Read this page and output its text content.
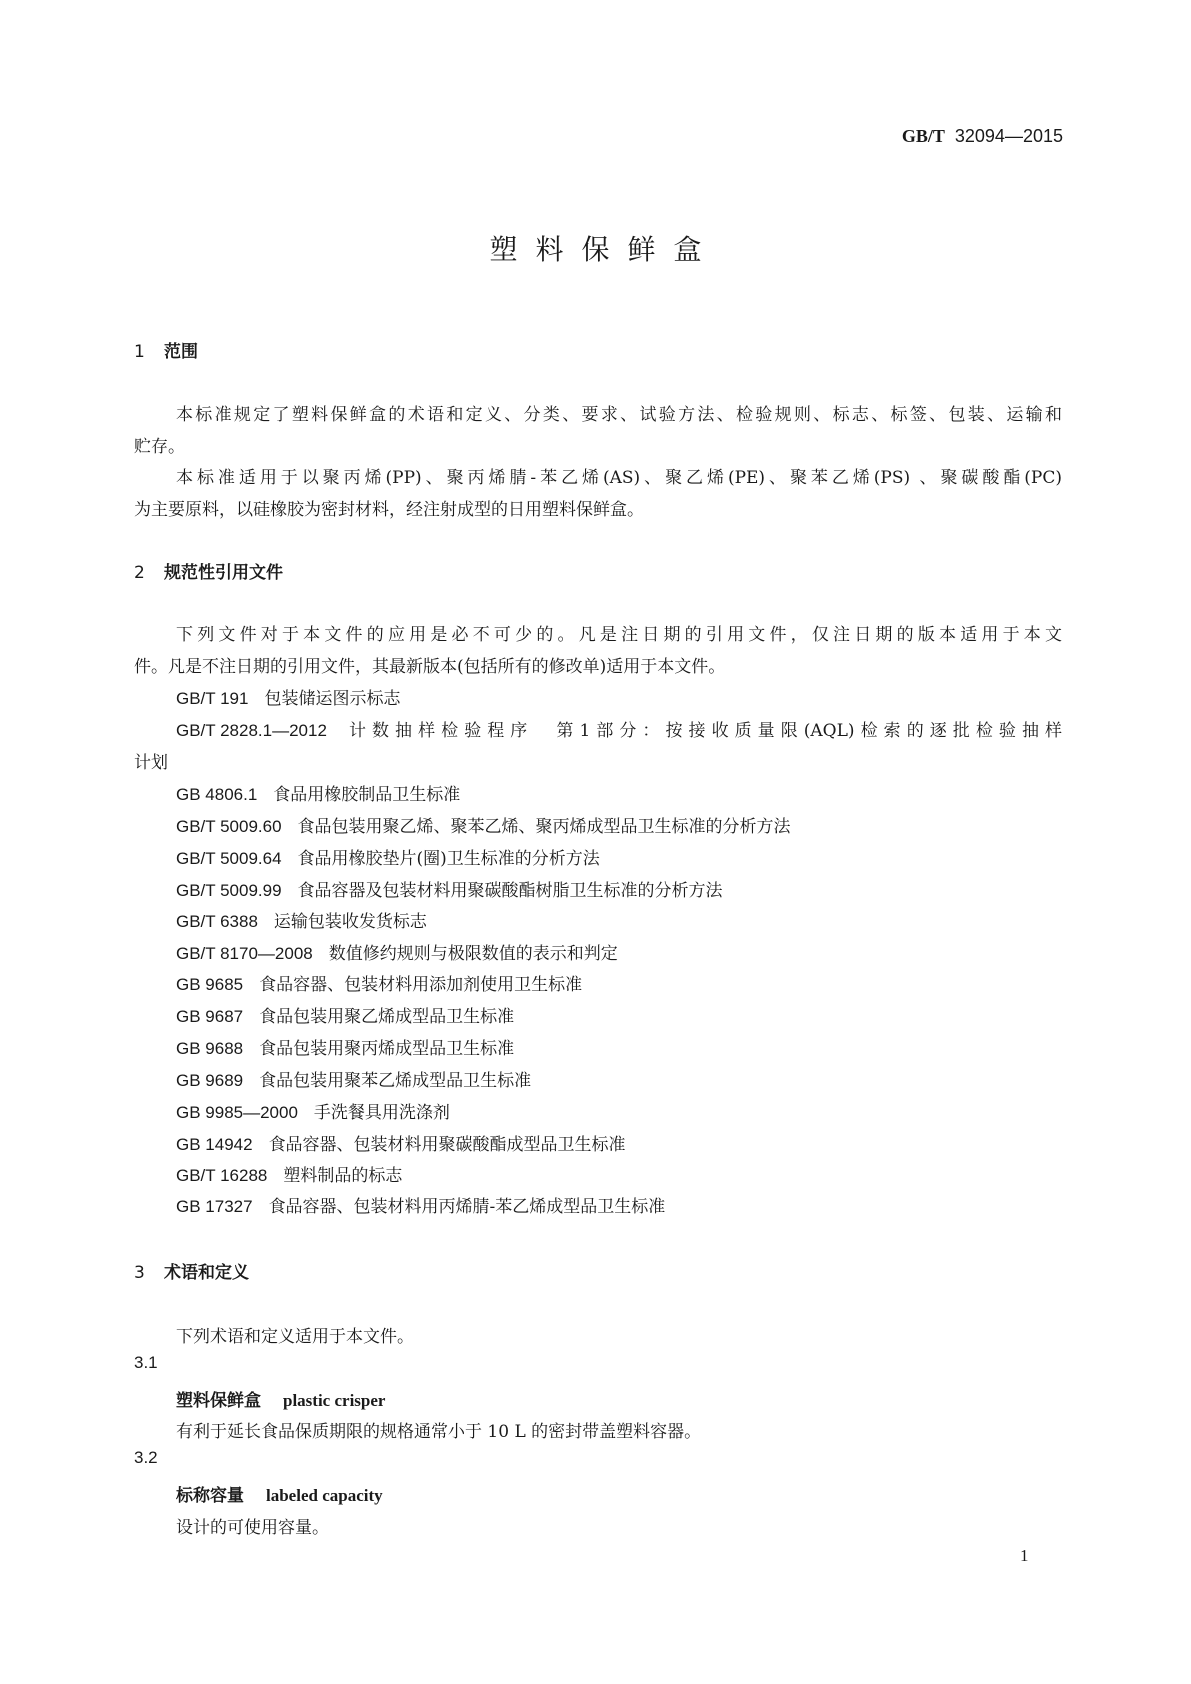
GB/T 32094—2015
塑料保鲜盒
1 范围
本标准规定了塑料保鲜盒的术语和定义、分类、要求、试验方法、检验规则、标志、标签、包装、运输和
贮存。
本标准适用于以聚丙烯(PP)、聚丙烯腈-苯乙烯(AS)、聚乙烯(PE)、聚苯乙烯(PS) 、聚碳酸酯(PC)
为主要原料，以硅橡胶为密封材料，经注射成型的日用塑料保鲜盒。
2 规范性引用文件
下列文件对于本文件的应用是必不可少的。凡是注日期的引用文件，仅注日期的版本适用于本文
件。凡是不注日期的引用文件，其最新版本(包括所有的修改单)适用于本文件。
GB/T 191 包装储运图示标志
GB/T 2828.1—2012 计数抽样检验程序　第1部分：按接收质量限(AQL)检索的逐批检验抽样
计划
GB 4806.1 食品用橡胶制品卫生标准
GB/T 5009.60 食品包装用聚乙烯、聚苯乙烯、聚丙烯成型品卫生标准的分析方法
GB/T 5009.64 食品用橡胶垫片(圈)卫生标准的分析方法
GB/T 5009.99 食品容器及包装材料用聚碳酸酯树脂卫生标准的分析方法
GB/T 6388 运输包装收发货标志
GB/T 8170—2008 数值修约规则与极限数值的表示和判定
GB 9685 食品容器、包装材料用添加剂使用卫生标准
GB 9687 食品包装用聚乙烯成型品卫生标准
GB 9688 食品包装用聚丙烯成型品卫生标准
GB 9689 食品包装用聚苯乙烯成型品卫生标准
GB 9985—2000 手洗餐具用洗涤剂
GB 14942 食品容器、包装材料用聚碳酸酯成型品卫生标准
GB/T 16288 塑料制品的标志
GB 17327 食品容器、包装材料用丙烯腈-苯乙烯成型品卫生标准
3 术语和定义
下列术语和定义适用于本文件。
3.1
塑料保鲜盒 plastic crisper
有利于延长食品保质期限的规格通常小于 10 L 的密封带盖塑料容器。
3.2
标称容量 labeled capacity
设计的可使用容量。
1
